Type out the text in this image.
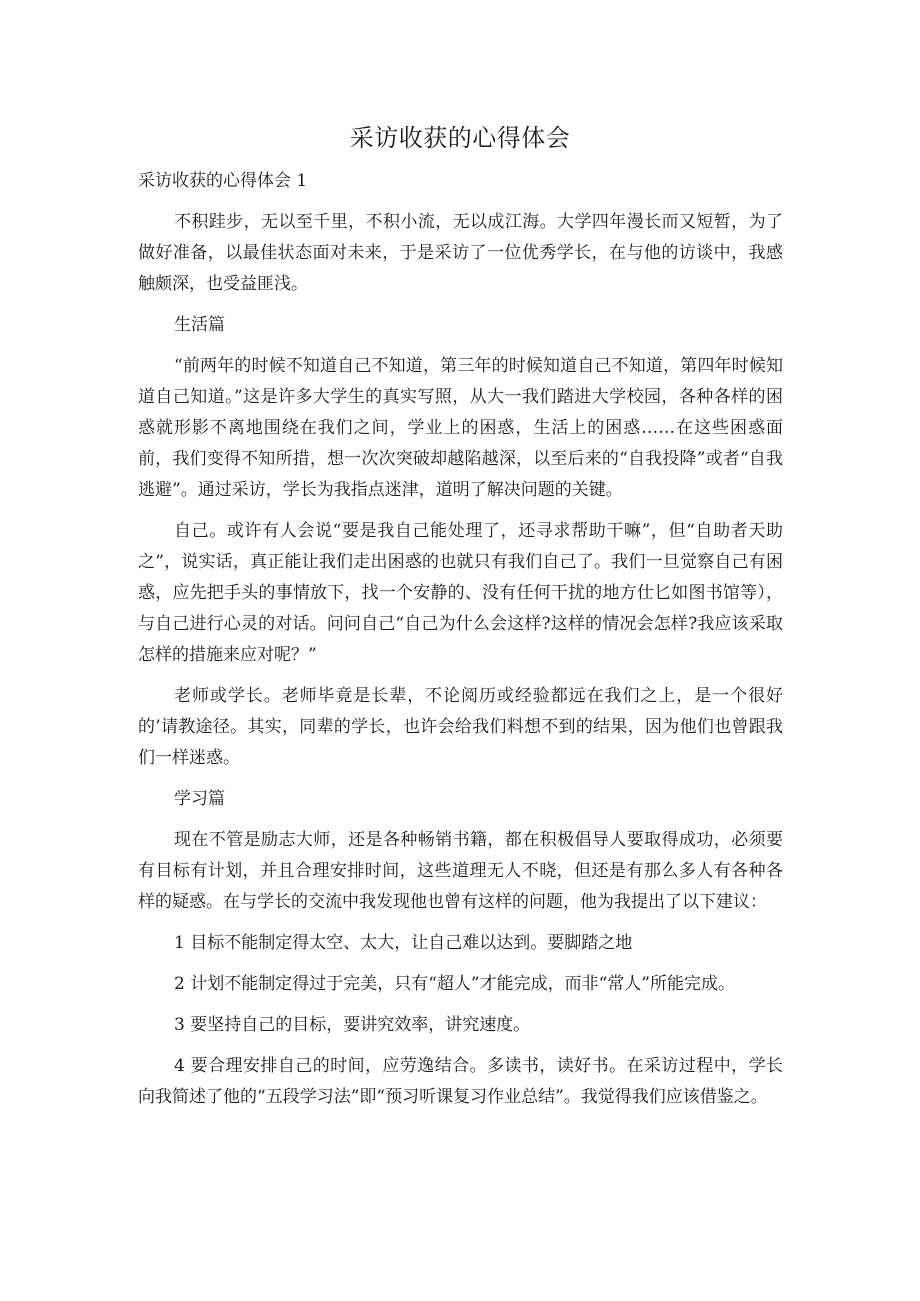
采访收获的心得体会

采访收获的心得体会 1

不积跬步，无以至千里，不积小流，无以成江海。大学四年漫长而又短暂，为了做好准备，以最佳状态面对未来，于是采访了一位优秀学长，在与他的访谈中，我感触颇深，也受益匪浅。

生活篇

“前两年的时候不知道自己不知道，第三年的时候知道自己不知道，第四年时候知道自己知道。”这是许多大学生的真实写照，从大一我们踏进大学校园，各种各样的困惑就形影不离地围绕在我们之间，学业上的困惑，生活上的困惑……在这些困惑面前，我们变得不知所措，想一次次突破却越陷越深，以至后来的“自我投降”或者“自我逃避”。通过采访，学长为我指点迷津，道明了解决问题的关键。

自己。或许有人会说“要是我自己能处理了，还寻求帮助干嘛”，但“自助者天助之”，说实话，真正能让我们走出困惑的也就只有我们自己了。我们一旦觉察自己有困惑，应先把手头的事情放下，找一个安静的、没有任何干扰的地方仕匕如图书馆等），与自己进行心灵的对话。问问自己“自己为什么会这样?这样的情况会怎样?我应该采取怎样的措施来应对呢？”

老师或学长。老师毕竟是长辈，不论阅历或经验都远在我们之上，是一个很好的’请教途径。其实，同辈的学长，也许会给我们料想不到的结果，因为他们也曾跟我们一样迷惑。

学习篇

现在不管是励志大师，还是各种畅销书籍，都在积极倡导人要取得成功，必须要有目标有计划，并且合理安排时间，这些道理无人不晓，但还是有那么多人有各种各样的疑惑。在与学长的交流中我发现他也曾有这样的问题，他为我提出了以下建议：

1 目标不能制定得太空、太大，让自己难以达到。要脚踏之地

2 计划不能制定得过于完美，只有“超人”才能完成，而非“常人”所能完成。

3 要坚持自己的目标，要讲究效率，讲究速度。

4 要合理安排自己的时间，应劳逸结合。多读书，读好书。在采访过程中，学长向我简述了他的“五段学习法”即“预习听课复习作业总结”。我觉得我们应该借鉴之。
